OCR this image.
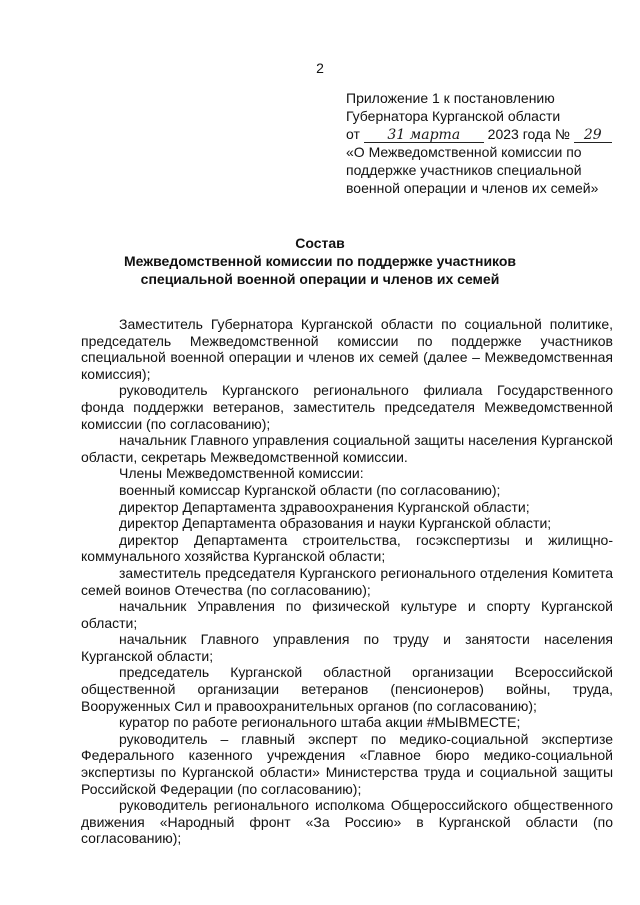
2
Приложение 1 к постановлению
Губернатора Курганской области
от 31 марта 2023 года № 29
«О Межведомственной комиссии по
поддержке участников специальной
военной операции и членов их семей»
Состав
Межведомственной комиссии по поддержке участников
специальной военной операции и членов их семей

Заместитель Губернатора Курганской области по социальной политике, председатель Межведомственной комиссии по поддержке участников специальной военной операции и членов их семей (далее – Межведомственная комиссия);

руководитель Курганского регионального филиала Государственного фонда поддержки ветеранов, заместитель председателя Межведомственной комиссии (по согласованию);

начальник Главного управления социальной защиты населения Курганской области, секретарь Межведомственной комиссии.

Члены Межведомственной комиссии:

военный комиссар Курганской области (по согласованию);

директор Департамента здравоохранения Курганской области;

директор Департамента образования и науки Курганской области;

директор Департамента строительства, госэкспертизы и жилищно-коммунального хозяйства Курганской области;

заместитель председателя Курганского регионального отделения Комитета семей воинов Отечества (по согласованию);

начальник Управления по физической культуре и спорту Курганской области;

начальник Главного управления по труду и занятости населения Курганской области;

председатель Курганской областной организации Всероссийской общественной организации ветеранов (пенсионеров) войны, труда, Вооруженных Сил и правоохранительных органов (по согласованию);

куратор по работе регионального штаба акции #МЫВМЕСТЕ;

руководитель – главный эксперт по медико-социальной экспертизе Федерального казенного учреждения «Главное бюро медико-социальной экспертизы по Курганской области» Министерства труда и социальной защиты Российской Федерации (по согласованию);

руководитель регионального исполкома Общероссийского общественного движения «Народный фронт «За Россию» в Курганской области (по согласованию);
